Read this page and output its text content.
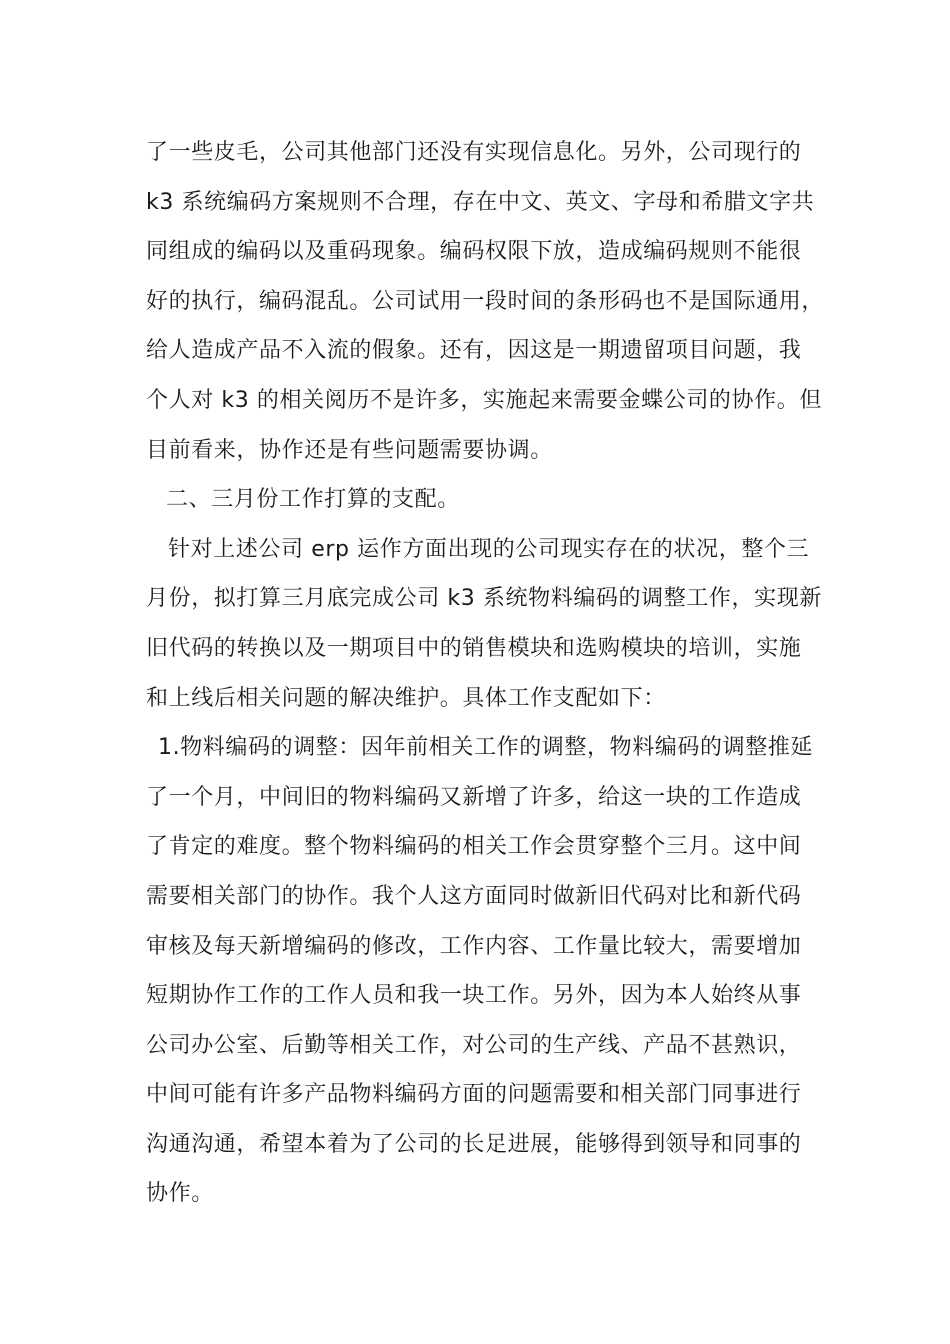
了一些皮毛，公司其他部门还没有实现信息化。另外，公司现行的
k3 系统编码方案规则不合理，存在中文、英文、字母和希腊文字共
同组成的编码以及重码现象。编码权限下放，造成编码规则不能很
好的执行，编码混乱。公司试用一段时间的条形码也不是国际通用，
给人造成产品不入流的假象。还有，因这是一期遗留项目问题，我
个人对 k3 的相关阅历不是许多，实施起来需要金蝶公司的协作。但
目前看来，协作还是有些问题需要协调。
二、三月份工作打算的支配。
针对上述公司 erp 运作方面出现的公司现实存在的状况，整个三
月份，拟打算三月底完成公司 k3 系统物料编码的调整工作，实现新
旧代码的转换以及一期项目中的销售模块和选购模块的培训，实施
和上线后相关问题的解决维护。具体工作支配如下：
1.物料编码的调整：因年前相关工作的调整，物料编码的调整推延
了一个月，中间旧的物料编码又新增了许多，给这一块的工作造成
了肯定的难度。整个物料编码的相关工作会贯穿整个三月。这中间
需要相关部门的协作。我个人这方面同时做新旧代码对比和新代码
审核及每天新增编码的修改，工作内容、工作量比较大，需要增加
短期协作工作的工作人员和我一块工作。另外，因为本人始终从事
公司办公室、后勤等相关工作，对公司的生产线、产品不甚熟识，
中间可能有许多产品物料编码方面的问题需要和相关部门同事进行
沟通沟通，希望本着为了公司的长足进展，能够得到领导和同事的
协作。
